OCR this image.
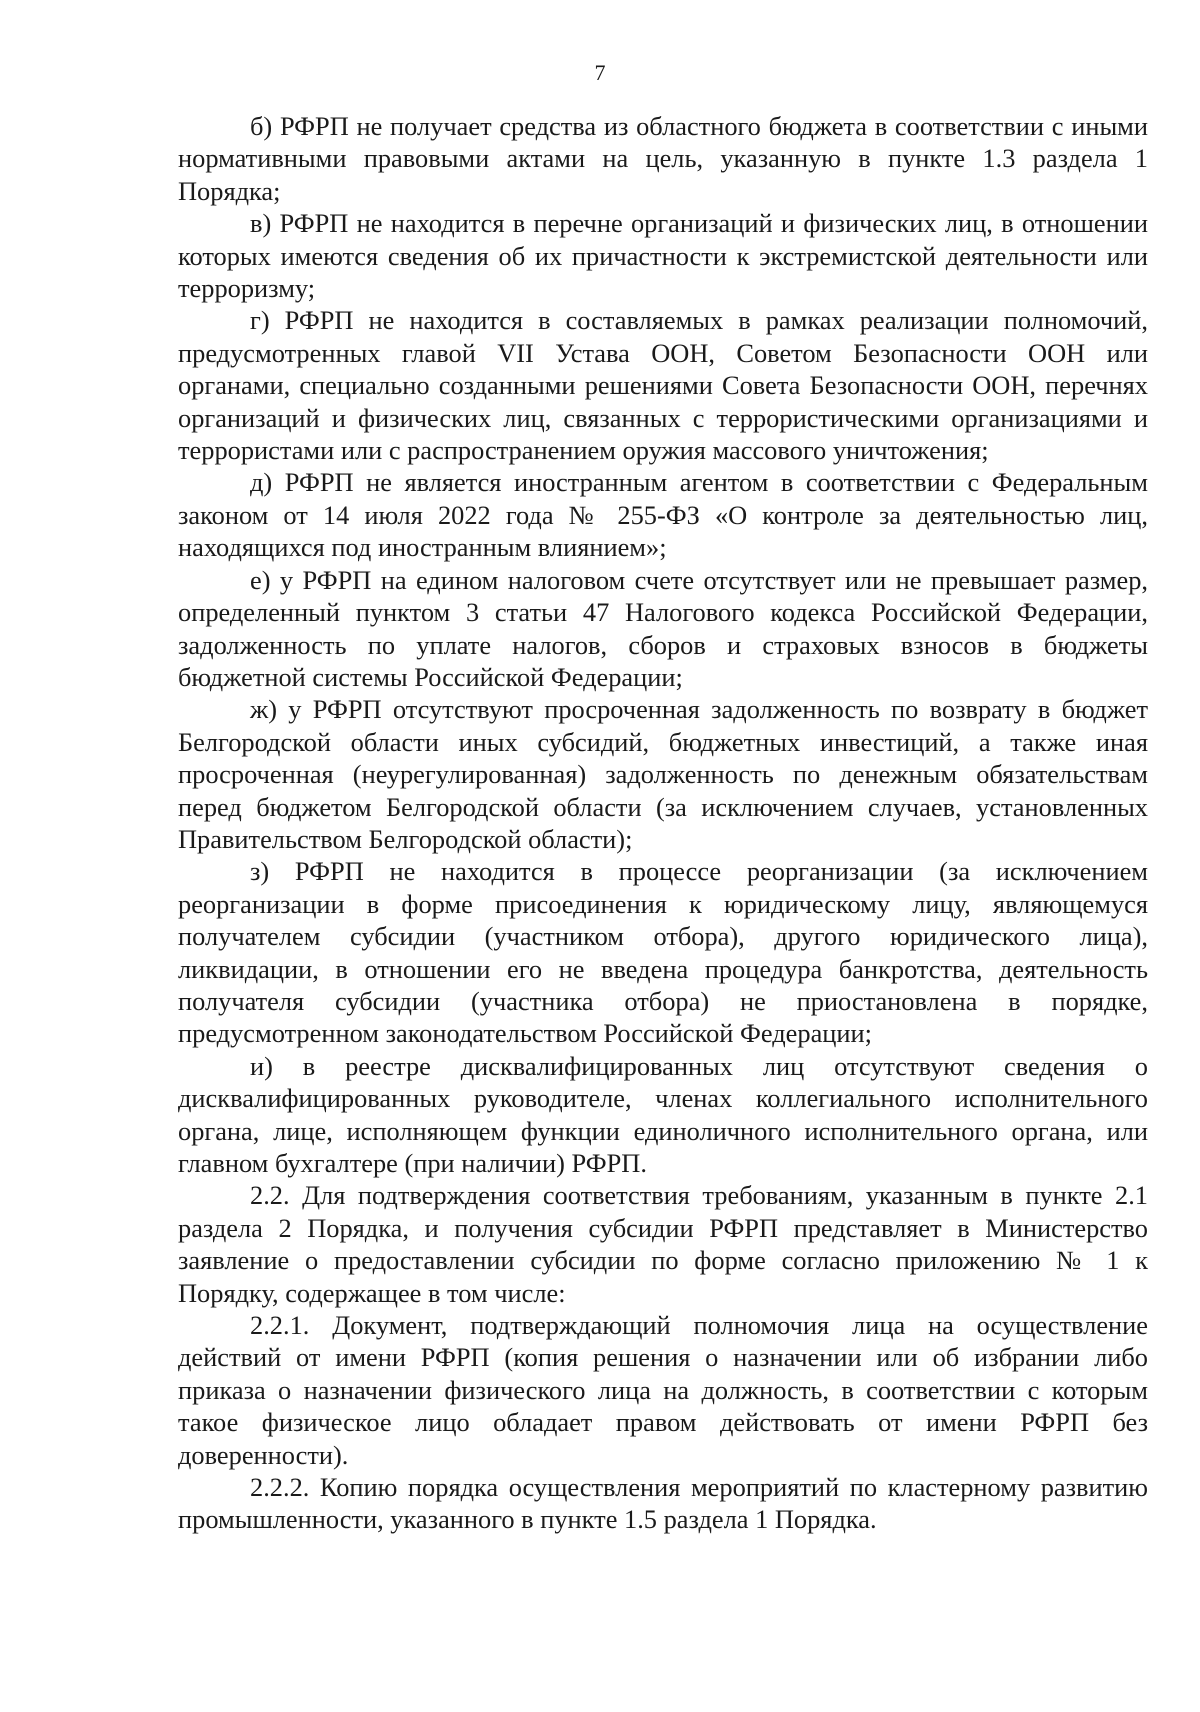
7

б) РФРП не получает средства из областного бюджета в соответствии с иными нормативными правовыми актами на цель, указанную в пункте 1.3 раздела 1 Порядка;

в) РФРП не находится в перечне организаций и физических лиц, в отношении которых имеются сведения об их причастности к экстремистской деятельности или терроризму;

г) РФРП не находится в составляемых в рамках реализации полномочий, предусмотренных главой VII Устава ООН, Советом Безопасности ООН или органами, специально созданными решениями Совета Безопасности ООН, перечнях организаций и физических лиц, связанных с террористическими организациями и террористами или с распространением оружия массового уничтожения;

д) РФРП не является иностранным агентом в соответствии с Федеральным законом от 14 июля 2022 года № 255-ФЗ «О контроле за деятельностью лиц, находящихся под иностранным влиянием»;

е) у РФРП на едином налоговом счете отсутствует или не превышает размер, определенный пунктом 3 статьи 47 Налогового кодекса Российской Федерации, задолженность по уплате налогов, сборов и страховых взносов в бюджеты бюджетной системы Российской Федерации;

ж) у РФРП отсутствуют просроченная задолженность по возврату в бюджет Белгородской области иных субсидий, бюджетных инвестиций, а также иная просроченная (неурегулированная) задолженность по денежным обязательствам перед бюджетом Белгородской области (за исключением случаев, установленных Правительством Белгородской области);

з) РФРП не находится в процессе реорганизации (за исключением реорганизации в форме присоединения к юридическому лицу, являющемуся получателем субсидии (участником отбора), другого юридического лица), ликвидации, в отношении его не введена процедура банкротства, деятельность получателя субсидии (участника отбора) не приостановлена в порядке, предусмотренном законодательством Российской Федерации;

и) в реестре дисквалифицированных лиц отсутствуют сведения о дисквалифицированных руководителе, членах коллегиального исполнительного органа, лице, исполняющем функции единоличного исполнительного органа, или главном бухгалтере (при наличии) РФРП.

2.2. Для подтверждения соответствия требованиям, указанным в пункте 2.1 раздела 2 Порядка, и получения субсидии РФРП представляет в Министерство заявление о предоставлении субсидии по форме согласно приложению № 1 к Порядку, содержащее в том числе:

2.2.1. Документ, подтверждающий полномочия лица на осуществление действий от имени РФРП (копия решения о назначении или об избрании либо приказа о назначении физического лица на должность, в соответствии с которым такое физическое лицо обладает правом действовать от имени РФРП без доверенности).

2.2.2. Копию порядка осуществления мероприятий по кластерному развитию промышленности, указанного в пункте 1.5 раздела 1 Порядка.
